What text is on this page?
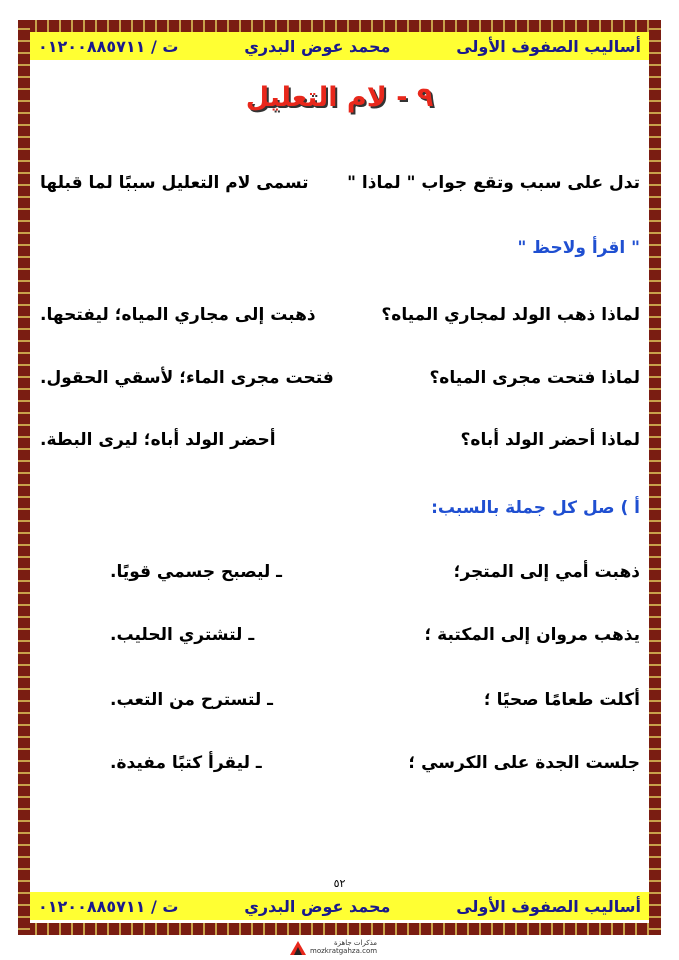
أساليب الصفوف الأولى
محمد عوض البدري
ت / ٠١٢٠٠٨٨٥٧١١
٩ - لام التعليل
تدل على سبب وتقع جواب " لماذا "
تسمى لام التعليل سببًا لما قبلها
" اقرأ ولاحظ "
لماذا ذهب الولد لمجاري المياه؟
ذهبت إلى مجاري المياه؛ ليفتحها.
لماذا فتحت مجرى المياه؟
فتحت مجرى الماء؛ لأسقي الحقول.
لماذا أحضر الولد أباه؟
أحضر الولد أباه؛ ليرى البطة.
أ ) صل كل جملة بالسبب:
ذهبت أمي إلى المتجر؛
ـ ليصبح جسمي قويًا.
يذهب مروان إلى المكتبة ؛
ـ لتشتري الحليب.
أكلت طعامًا صحيًا ؛
ـ لتسترح من التعب.
جلست الجدة على الكرسي ؛
ـ ليقرأ كتبًا مفيدة.
٥٢
أساليب الصفوف الأولى
محمد عوض البدري
ت / ٠١٢٠٠٨٨٥٧١١
مذكرات جاهزة
mozkratgahza.com
